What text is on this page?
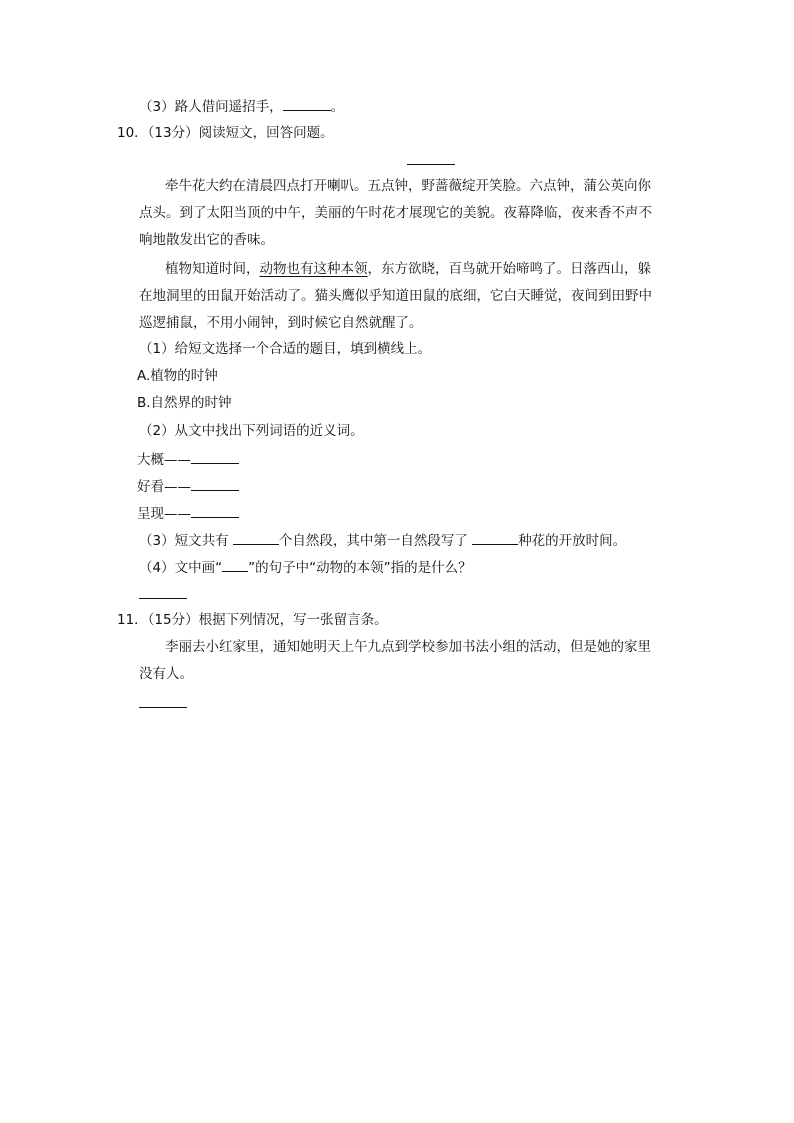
（3）路人借问遥招手，	。
10．（13分）阅读短文，回答问题。
牵牛花大约在清晨四点打开喇叭。五点钟，野蔷薇绽开笑脸。六点钟，蒲公英向你
点头。到了太阳当顶的中午，美丽的午时花才展现它的美貌。夜幕降临，夜来香不声不
响地散发出它的香味。
植物知道时间，动物也有这种本领，东方欲晓，百鸟就开始啼鸣了。日落西山，躲
在地洞里的田鼠开始活动了。猫头鹰似乎知道田鼠的底细，它白天睡觉，夜间到田野中
巡逻捕鼠，不用小闹钟，到时候它自然就醒了。
（1）给短文选择一个合适的题目，填到横线上。
A.植物的时钟
B.自然界的时钟
（2）从文中找出下列词语的近义词。
大概——
好看——
呈现——
（3）短文共有	个自然段，其中第一自然段写了	种花的开放时间。
（4）文中画“ ”的句子中“动物的本领”指的是什么？
11．（15分）根据下列情况，写一张留言条。
李丽去小红家里，通知她明天上午九点到学校参加书法小组的活动，但是她的家里
没有人。
